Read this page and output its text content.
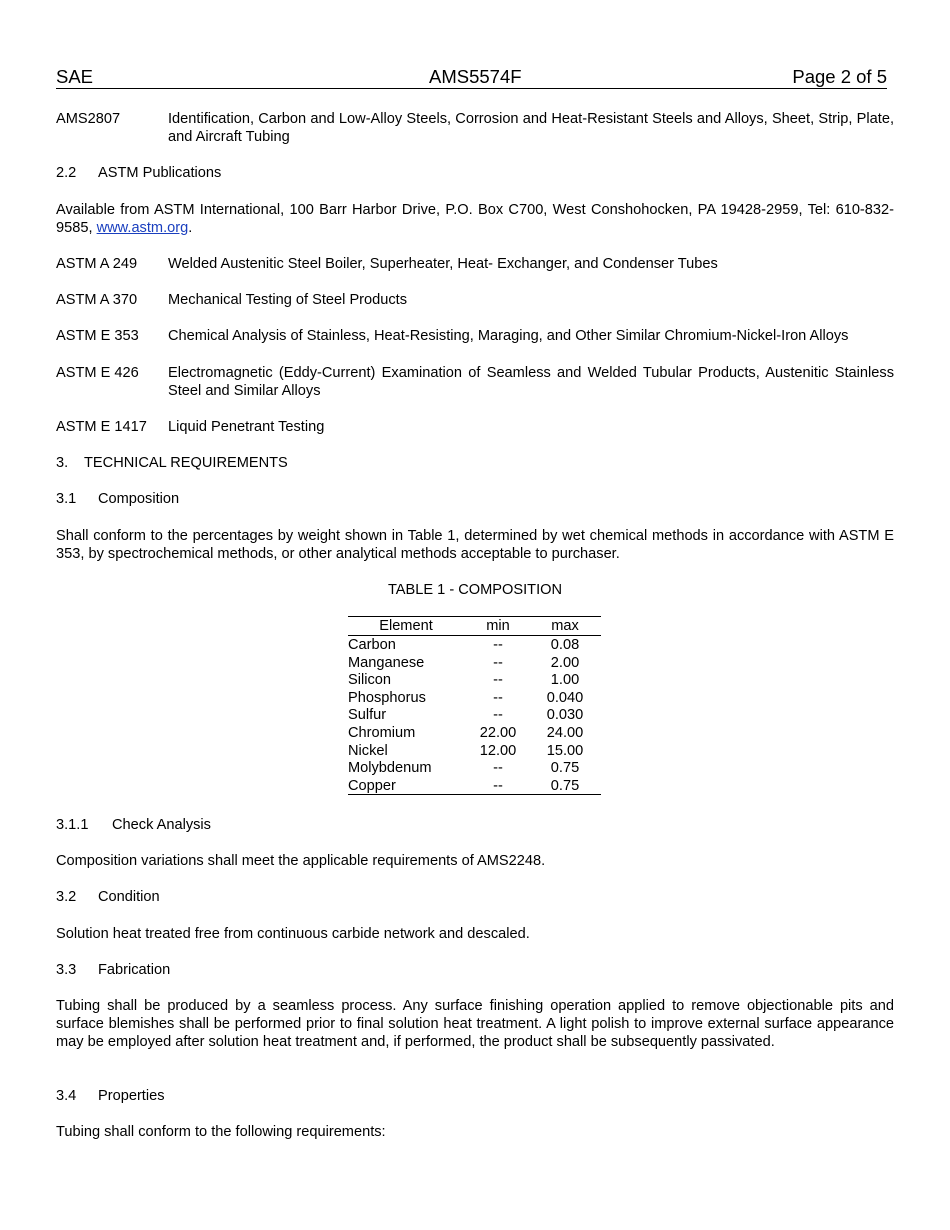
SAE	AMS5574F	Page 2 of 5
AMS2807	Identification, Carbon and Low-Alloy Steels, Corrosion and Heat-Resistant Steels and Alloys, Sheet, Strip, Plate, and Aircraft Tubing
2.2 ASTM Publications
Available from ASTM International, 100 Barr Harbor Drive, P.O. Box C700, West Conshohocken, PA 19428-2959, Tel: 610-832-9585, www.astm.org.
ASTM A 249 Welded Austenitic Steel Boiler, Superheater, Heat- Exchanger, and Condenser Tubes
ASTM A 370 Mechanical Testing of Steel Products
ASTM E 353 Chemical Analysis of Stainless, Heat-Resisting, Maraging, and Other Similar Chromium-Nickel-Iron Alloys
ASTM E 426 Electromagnetic (Eddy-Current) Examination of Seamless and Welded Tubular Products, Austenitic Stainless Steel and Similar Alloys
ASTM E 1417 Liquid Penetrant Testing
3. TECHNICAL REQUIREMENTS
3.1 Composition
Shall conform to the percentages by weight shown in Table 1, determined by wet chemical methods in accordance with ASTM E 353, by spectrochemical methods, or other analytical methods acceptable to purchaser.
TABLE 1 - COMPOSITION
Element	min	max
Carbon	--	0.08
Manganese	--	2.00
Silicon	--	1.00
Phosphorus	--	0.040
Sulfur	--	0.030
Chromium	22.00	24.00
Nickel	12.00	15.00
Molybdenum	--	0.75
Copper	--	0.75
3.1.1 Check Analysis
Composition variations shall meet the applicable requirements of AMS2248.
3.2 Condition
Solution heat treated free from continuous carbide network and descaled.
3.3 Fabrication
Tubing shall be produced by a seamless process. Any surface finishing operation applied to remove objectionable pits and surface blemishes shall be performed prior to final solution heat treatment. A light polish to improve external surface appearance may be employed after solution heat treatment and, if performed, the product shall be subsequently passivated.
3.4 Properties
Tubing shall conform to the following requirements:
